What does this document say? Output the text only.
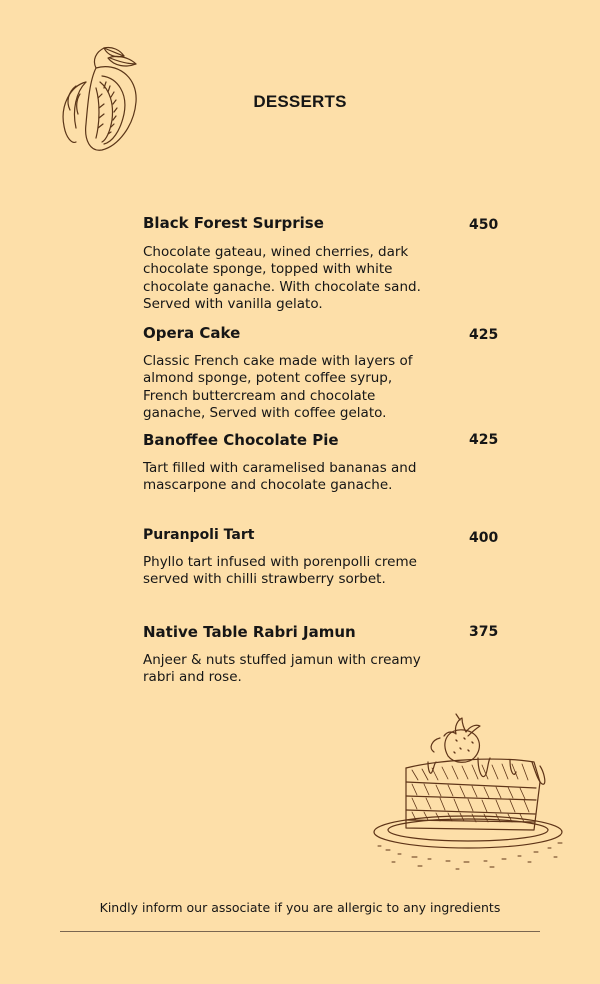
DESSERTS
Black Forest Surprise	450
Chocolate gateau, wined cherries, dark chocolate sponge, topped with white chocolate ganache. With chocolate sand. Served with vanilla gelato.
Opera Cake	425
Classic French cake made with layers of almond sponge, potent coffee syrup, French buttercream and chocolate ganache, Served with coffee gelato.
Banoffee Chocolate Pie	425
Tart filled with caramelised bananas and mascarpone and chocolate ganache.
Puranpoli Tart	400
Phyllo tart infused with porenpolli creme served with chilli strawberry sorbet.
Native Table Rabri Jamun	375
Anjeer & nuts stuffed jamun with creamy rabri and rose.
Kindly inform our associate if you are allergic to any ingredients
